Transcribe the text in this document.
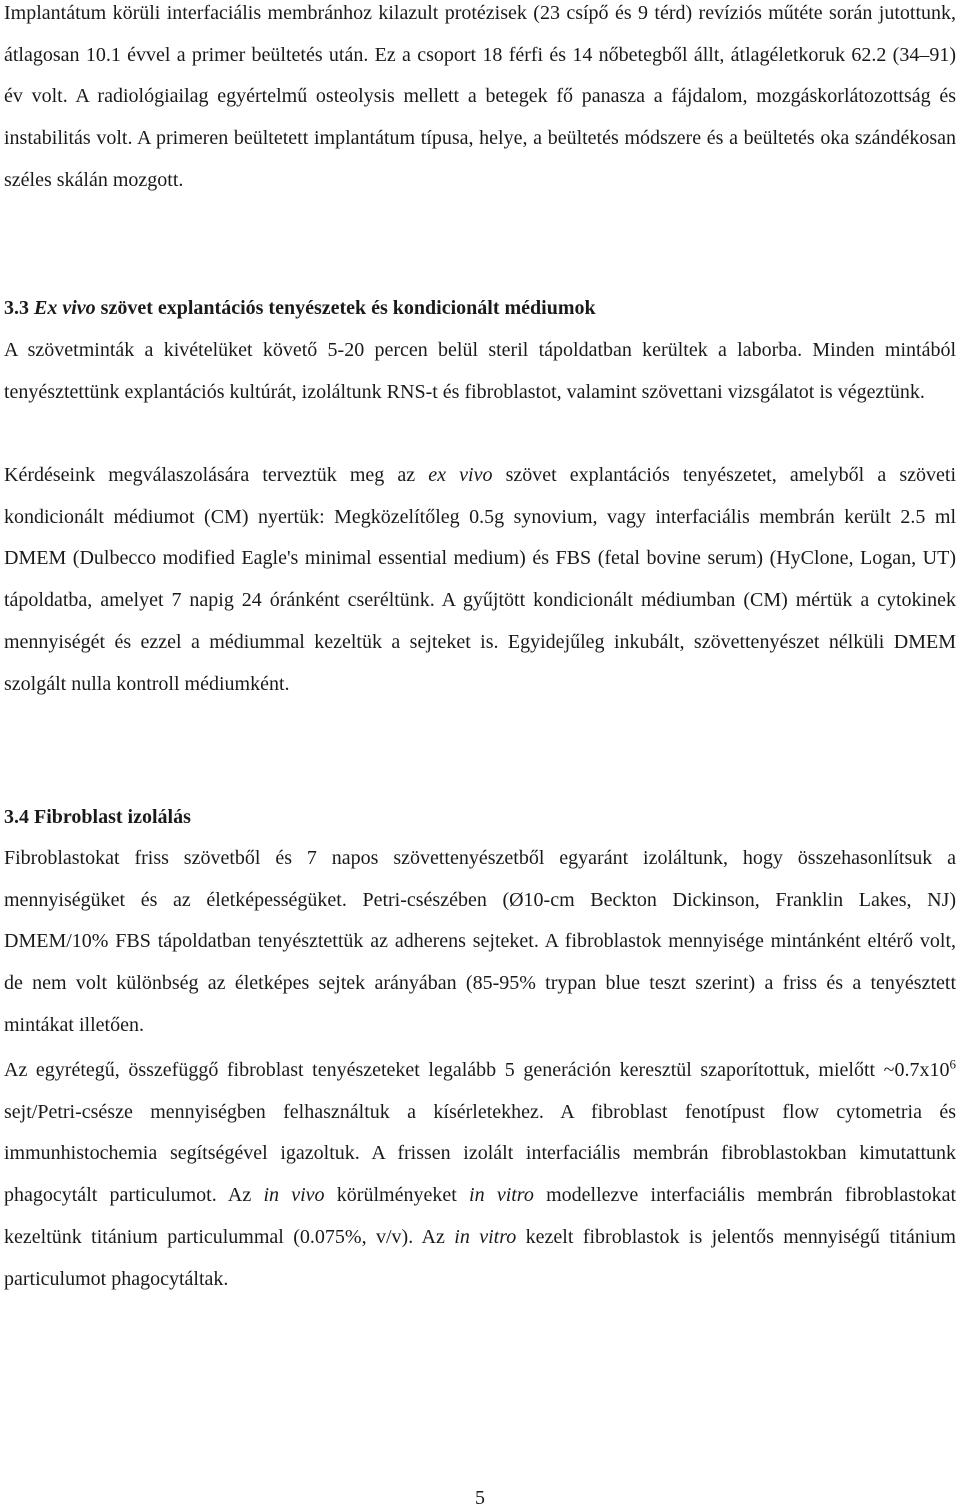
Implantátum körüli interfaciális membránhoz kilazult protézisek (23 csípő és 9 térd) revíziós műtéte során jutottunk, átlagosan 10.1 évvel a primer beültetés után. Ez a csoport 18 férfi és 14 nőbetegből állt, átlagéletkoruk 62.2 (34–91) év volt. A radiológiailag egyértelmű osteolysis mellett a betegek fő panasza a fájdalom, mozgáskorlátozottság és instabilitás volt. A primeren beültetett implantátum típusa, helye, a beültetés módszere és a beültetés oka szándékosan széles skálán mozgott.
3.3 Ex vivo szövet explantációs tenyészetek és kondicionált médiumok
A szövetminták a kivételüket követő 5-20 percen belül steril tápoldatban kerültek a laborba. Minden mintából tenyésztettünk explantációs kultúrát, izoláltunk RNS-t és fibroblastot, valamint szövettani vizsgálatot is végeztünk.
Kérdéseink megválaszolására terveztük meg az ex vivo szövet explantációs tenyészetet, amelyből a szöveti kondicionált médiumot (CM) nyertük: Megközelítőleg 0.5g synovium, vagy interfaciális membrán került 2.5 ml DMEM (Dulbecco modified Eagle's minimal essential medium) és FBS (fetal bovine serum) (HyClone, Logan, UT) tápoldatba, amelyet 7 napig 24 óránként cseréltünk. A gyűjtött kondicionált médiumban (CM) mértük a cytokinek mennyiségét és ezzel a médiummal kezeltük a sejteket is. Egyidejűleg inkubált, szövettenyészet nélküli DMEM szolgált nulla kontroll médiumként.
3.4 Fibroblast izolálás
Fibroblastokat friss szövetből és 7 napos szövettenyészetből egyaránt izoláltunk, hogy összehasonlítsuk a mennyiségüket és az életképességüket. Petri-csészében (Ø10-cm Beckton Dickinson, Franklin Lakes, NJ) DMEM/10% FBS tápoldatban tenyésztettük az adherens sejteket. A fibroblastok mennyisége mintánként eltérő volt, de nem volt különbség az életképes sejtek arányában (85-95% trypan blue teszt szerint) a friss és a tenyésztett mintákat illetően.
Az egyrétegű, összefüggő fibroblast tenyészeteket legalább 5 generáción keresztül szaporítottuk, mielőtt $\sim 0.7x10^6$ sejt/Petri-csésze mennyiségben felhasználtuk a kísérletekhez. A fibroblast fenotípust flow cytometria és immunhistochemia segítségével igazoltuk. A frissen izolált interfaciális membrán fibroblastokban kimutattunk phagocytált particulumot. Az in vivo körülményeket in vitro modellezve interfaciális membrán fibroblastokat kezeltünk titánium particulummal (0.075%, v/v). Az in vitro kezelt fibroblastok is jelentős mennyiségű titánium particulumot phagocytáltak.
5
